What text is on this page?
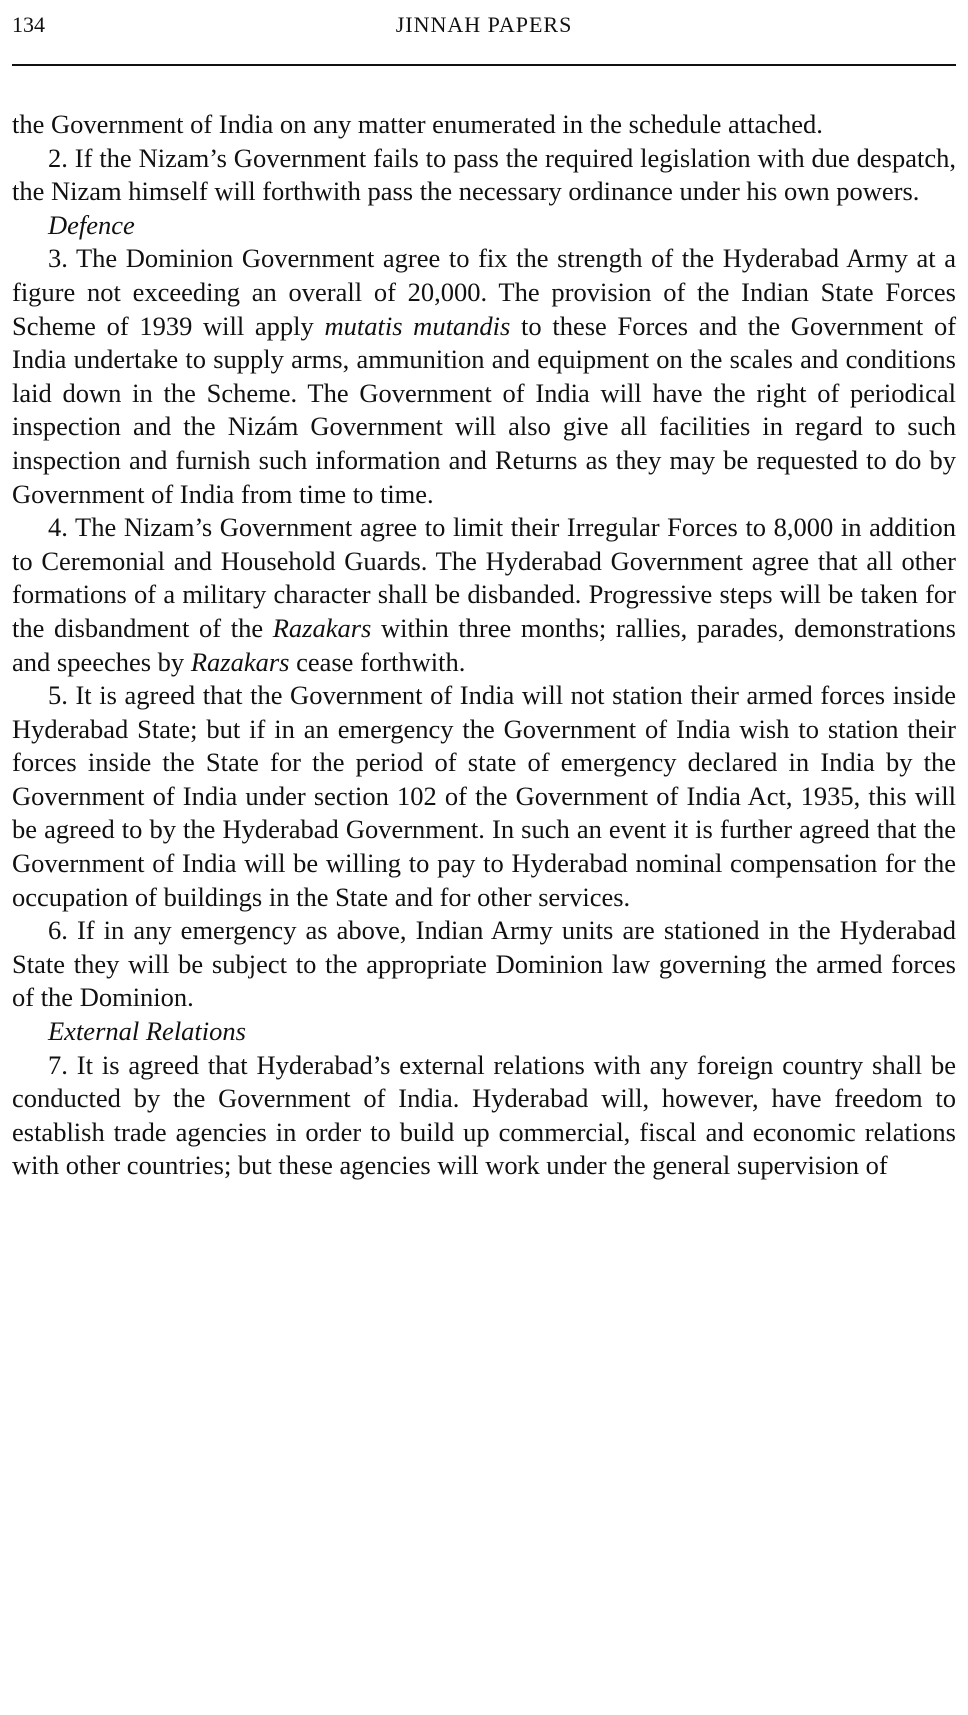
134	JINNAH PAPERS

the Government of India on any matter enumerated in the schedule attached.

2. If the Nizam’s Government fails to pass the required legislation with due despatch, the Nizam himself will forthwith pass the necessary ordinance under his own powers.

Defence

3. The Dominion Government agree to fix the strength of the Hyderabad Army at a figure not exceeding an overall of 20,000. The provision of the Indian State Forces Scheme of 1939 will apply mutatis mutandis to these Forces and the Government of India undertake to supply arms, ammunition and equipment on the scales and conditions laid down in the Scheme. The Government of India will have the right of periodical inspection and the Nizám Government will also give all facilities in regard to such inspection and furnish such information and Returns as they may be requested to do by Government of India from time to time.

4. The Nizam’s Government agree to limit their Irregular Forces to 8,000 in addition to Ceremonial and Household Guards. The Hyderabad Government agree that all other formations of a military character shall be disbanded. Progressive steps will be taken for the disbandment of the Razakars within three months; rallies, parades, demonstrations and speeches by Razakars cease forthwith.

5. It is agreed that the Government of India will not station their armed forces inside Hyderabad State; but if in an emergency the Government of India wish to station their forces inside the State for the period of state of emergency declared in India by the Government of India under section 102 of the Government of India Act, 1935, this will be agreed to by the Hyderabad Government. In such an event it is further agreed that the Government of India will be willing to pay to Hyderabad nominal compensation for the occupation of buildings in the State and for other services.

6. If in any emergency as above, Indian Army units are stationed in the Hyderabad State they will be subject to the appropriate Dominion law governing the armed forces of the Dominion.

External Relations

7. It is agreed that Hyderabad’s external relations with any foreign country shall be conducted by the Government of India. Hyderabad will, however, have freedom to establish trade agencies in order to build up commercial, fiscal and economic relations with other countries; but these agencies will work under the general supervision of
